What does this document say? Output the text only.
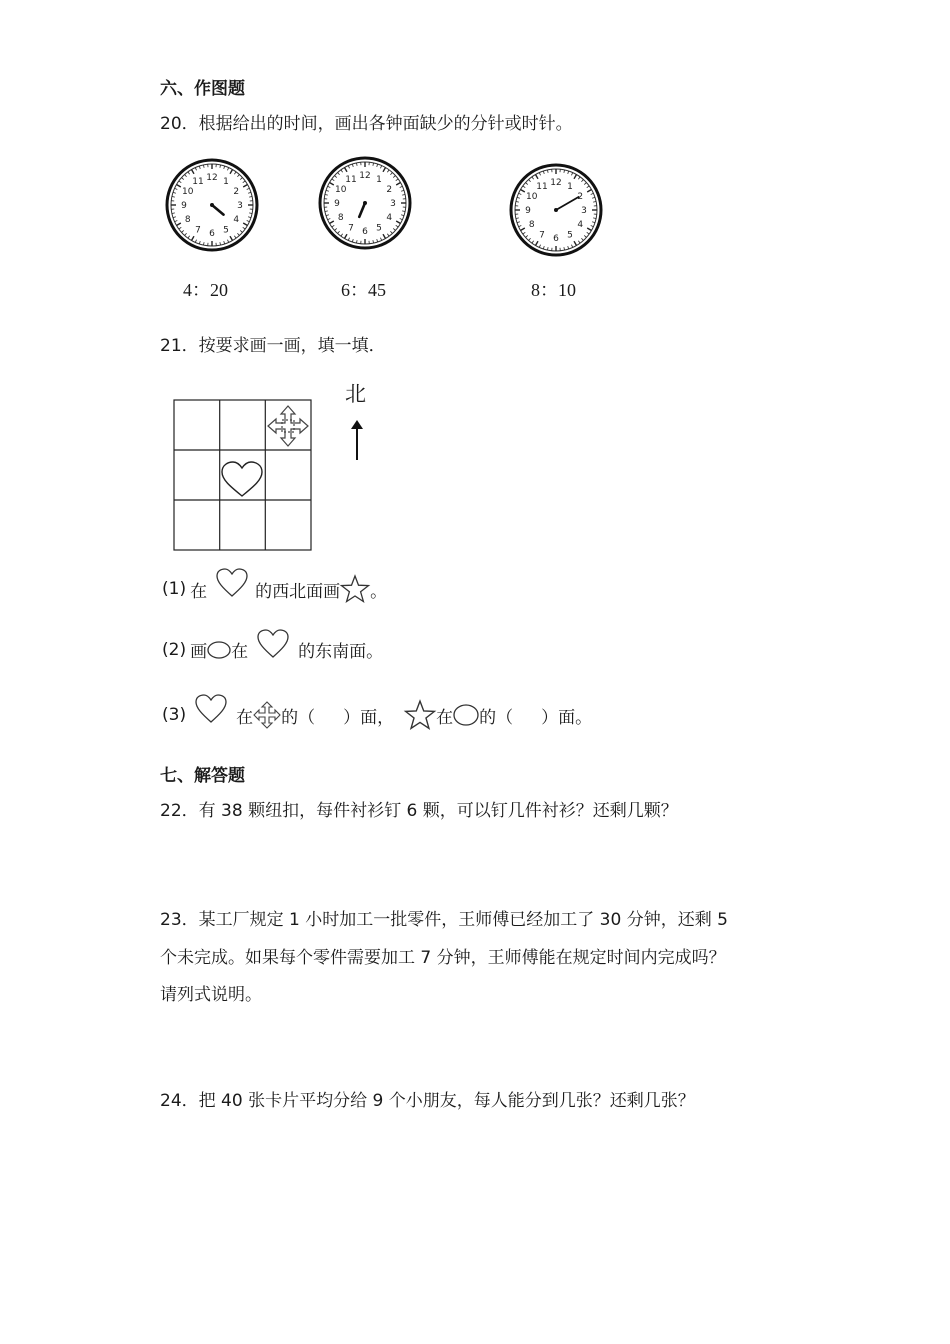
六、作图题
20．根据给出的时间，画出各钟面缺少的分针或时针。
12 1
2
3
4
5
6
7
8
9
10
11
12 1
2
3
4
5
6
7
8
9
10
11	12 1
2
3
4
5
6
7
8
9
10
11
4：20	6：45	8：10
21．按要求画一画，填一填．
北
(1) 在	的西北面画 。
(2) 画 在	的东南面。
(3)	在 的（ ）面， 在 的（ ）面。
七、解答题
22．有 38 颗纽扣，每件衬衫钉 6 颗，可以钉几件衬衫？还剩几颗？
23．某工厂规定 1 小时加工一批零件，王师傅已经加工了 30 分钟，还剩 5
个未完成。如果每个零件需要加工 7 分钟，王师傅能在规定时间内完成吗？
请列式说明。
24．把 40 张卡片平均分给 9 个小朋友，每人能分到几张？还剩几张？
